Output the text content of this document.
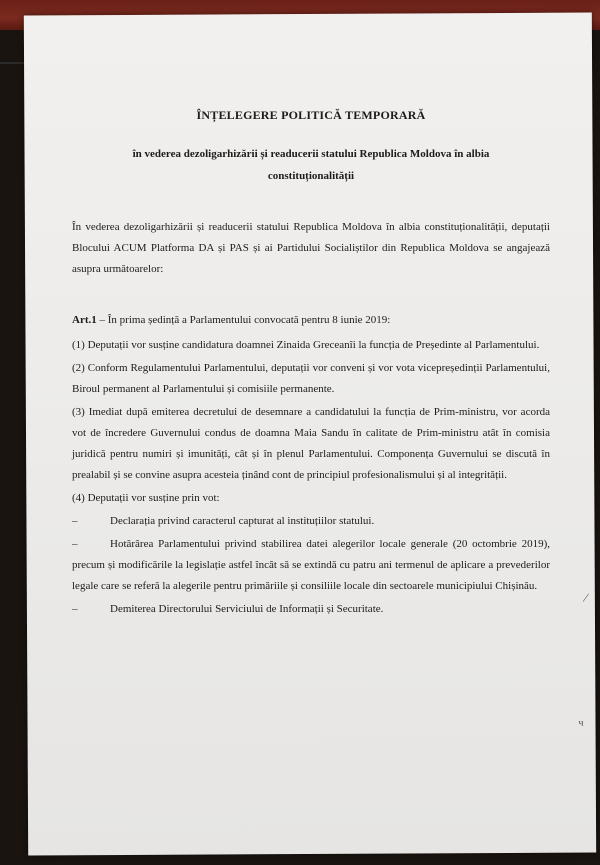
⁄
ч
ÎNȚELEGERE POLITICĂ TEMPORARĂ
în vederea dezoligarhizării și readucerii statului Republica Moldova în albia
constituționalității

În vederea dezoligarhizării și readucerii statului Republica Moldova în albia constituționalității, deputații Blocului ACUM Platforma DA și PAS și ai Partidului Socialiștilor din Republica Moldova se angajează asupra următoarelor:

Art.1 – În prima ședință a Parlamentului convocată pentru 8 iunie 2019:

(1) Deputații vor susține candidatura doamnei Zinaida Greceanîi la funcția de Președinte al Parlamentului.

(2) Conform Regulamentului Parlamentului, deputații vor conveni și vor vota vicepreședinții Parlamentului, Biroul permanent al Parlamentului și comisiile permanente.

(3) Imediat după emiterea decretului de desemnare a candidatului la funcția de Prim-ministru, vor acorda vot de încredere Guvernului condus de doamna Maia Sandu în calitate de Prim-ministru atât în comisia juridică pentru numiri și imunități, cât și în plenul Parlamentului. Componența Guvernului se discută în prealabil și se convine asupra acesteia ținând cont de principiul profesionalismului și al integrității.

(4) Deputații vor susține prin vot:

–	Declarația privind caracterul capturat al instituțiilor statului.

–	Hotărârea Parlamentului privind stabilirea datei alegerilor locale generale (20 octombrie 2019), precum și modificările la legislație astfel încât să se extindă cu patru ani termenul de aplicare a prevederilor legale care se referă la alegerile pentru primăriile și consiliile locale din sectoarele municipiului Chișinău.

–	Demiterea Directorului Serviciului de Informații și Securitate.
